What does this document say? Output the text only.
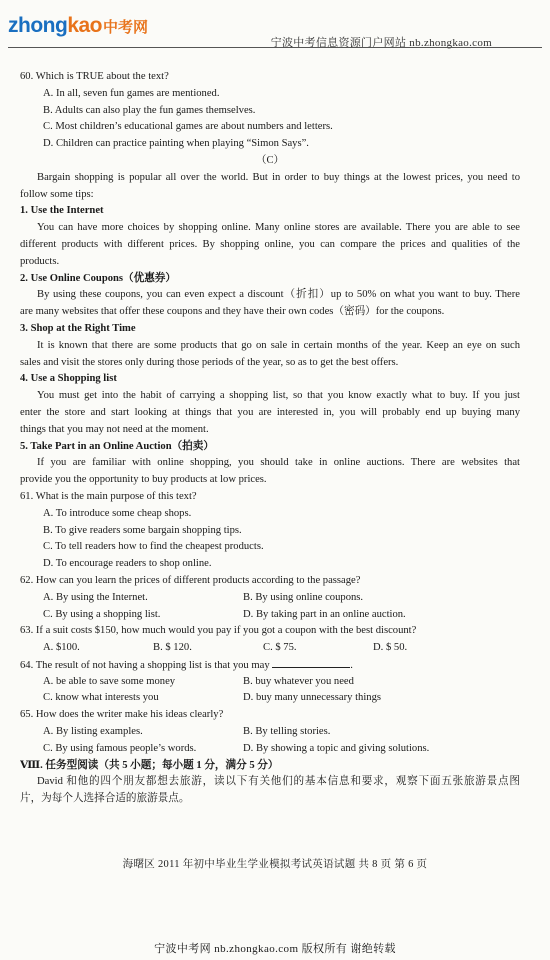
zhongkao中考网
宁波中考信息资源门户网站 nb.zhongkao.com
60. Which is TRUE about the text?
A. In all, seven fun games are mentioned.
B. Adults can also play the fun games themselves.
C. Most children’s educational games are about numbers and letters.
D. Children can practice painting when playing “Simon Says”.
（C）
Bargain shopping is popular all over the world. But in order to buy things at the lowest prices, you need to
follow some tips:
1. Use the Internet
You can have more choices by shopping online. Many online stores are available. There you are able to see
different products with different prices. By shopping online, you can compare the prices and qualities of the
products.
2. Use Online Coupons（优惠券）
By using these coupons, you can even expect a discount（折扣）up to 50% on what you want to buy. There
are many websites that offer these coupons and they have their own codes（密码）for the coupons.
3. Shop at the Right Time
It is known that there are some products that go on sale in certain months of the year. Keep an eye on such
sales and visit the stores only during those periods of the year, so as to get the best offers.
4. Use a Shopping list
You must get into the habit of carrying a shopping list, so that you know exactly what to buy. If you just
enter the store and start looking at things that you are interested in, you will probably end up buying many
things that you may not need at the moment.
5. Take Part in an Online Auction（拍卖）
If you are familiar with online shopping, you should take in online auctions. There are websites that
provide you the opportunity to buy products at low prices.
61. What is the main purpose of this text?
A. To introduce some cheap shops.
B. To give readers some bargain shopping tips.
C. To tell readers how to find the cheapest products.
D. To encourage readers to shop online.
62. How can you learn the prices of different products according to the passage?
A. By using the Internet.	B. By using online coupons.
C. By using a shopping list.	D. By taking part in an online auction.
63. If a suit costs $150, how much would you pay if you got a coupon with the best discount?
A. $100.	B. $ 120.	C. $ 75.	D. $ 50.
64. The result of not having a shopping list is that you may	.
A. be able to save some money	B. buy whatever you need
C. know what interests you	D. buy many unnecessary things
65. How does the writer make his ideas clearly?
A. By listing examples.	B. By telling stories.
C. By using famous people’s words.	D. By showing a topic and giving solutions.
Ⅷ. 任务型阅读（共 5 小题；每小题 1 分，满分 5 分）
David 和他的四个朋友都想去旅游，读以下有关他们的基本信息和要求，观察下面五张旅游景点图
片，为每个人选择合适的旅游景点。
海曙区 2011 年初中毕业生学业模拟考试英语试题 共 8 页 第 6 页
宁波中考网 nb.zhongkao.com 版权所有 谢绝转载
